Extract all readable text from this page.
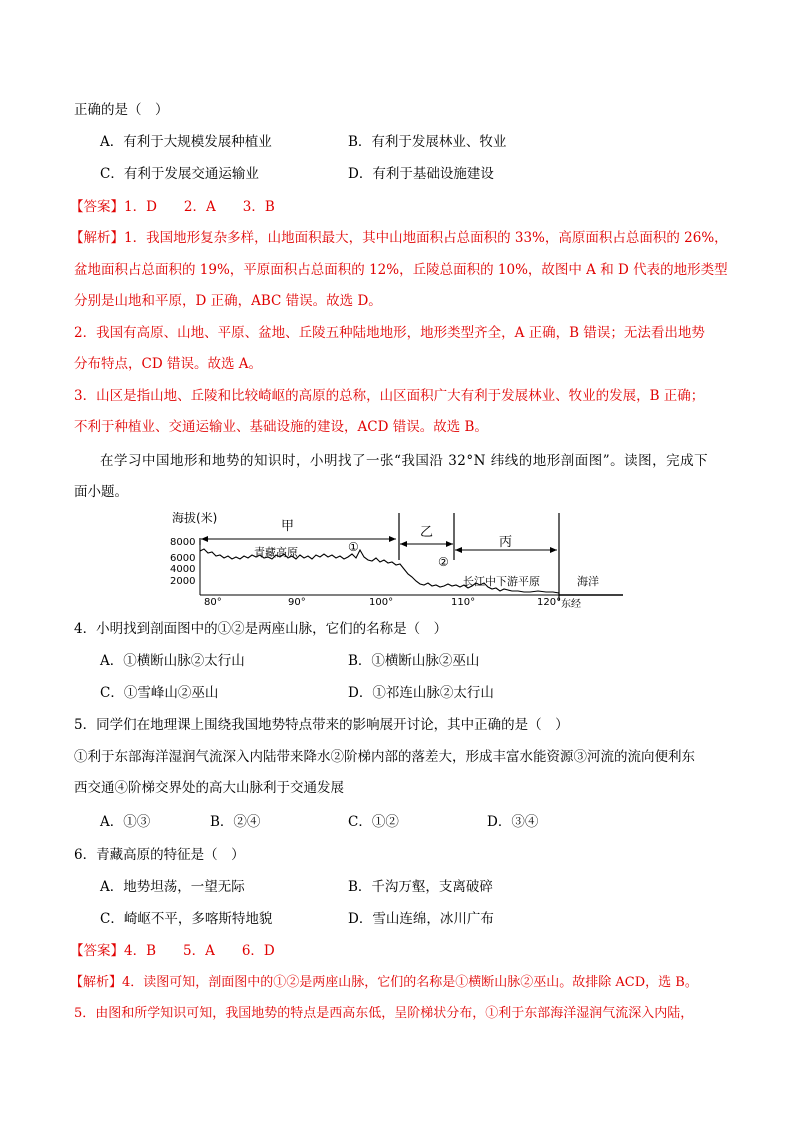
正确的是（　）
A．有利于大规模发展种植业	B．有利于发展林业、牧业
C．有利于发展交通运输业	D．有利于基础设施建设
【答案】1．D　　2．A　　3．B
【解析】1．我国地形复杂多样，山地面积最大，其中山地面积占总面积的 33%，高原面积占总面积的 26%，
盆地面积占总面积的 19%，平原面积占总面积的 12%，丘陵总面积的 10%，故图中 A 和 D 代表的地形类型
分别是山地和平原，D 正确，ABC 错误。故选 D。
2．我国有高原、山地、平原、盆地、丘陵五种陆地地形，地形类型齐全，A 正确，B 错误；无法看出地势
分布特点，CD 错误。故选 A。
3．山区是指山地、丘陵和比较崎岖的高原的总称，山区面积广大有利于发展林业、牧业的发展，B 正确；
不利于种植业、交通运输业、基础设施的建设，ACD 错误。故选 B。
在学习中国地形和地势的知识时，小明找了一张“我国沿 32°N 纬线的地形剖面图”。读图，完成下
面小题。
海拔(米)
8000
6000
4000
2000
甲	乙
丙
青藏高原	①
②
长江中下游平原	海洋
80°	90°	100°	110°	120° 东经
4．小明找到剖面图中的①②是两座山脉，它们的名称是（　）
A．①横断山脉②太行山	B．①横断山脉②巫山
C．①雪峰山②巫山	D．①祁连山脉②太行山
5．同学们在地理课上围绕我国地势特点带来的影响展开讨论，其中正确的是（　）
①利于东部海洋湿润气流深入内陆带来降水②阶梯内部的落差大，形成丰富水能资源③河流的流向便利东
西交通④阶梯交界处的高大山脉利于交通发展
A．①③	B．②④	C．①②	D．③④
6．青藏高原的特征是（　）
A．地势坦荡，一望无际	B．千沟万壑，支离破碎
C．崎岖不平，多喀斯特地貌	D．雪山连绵，冰川广布
【答案】4．B　　5．A　　6．D
【解析】4．读图可知，剖面图中的①②是两座山脉，它们的名称是①横断山脉②巫山。故排除 ACD，选 B。
5．由图和所学知识可知，我国地势的特点是西高东低，呈阶梯状分布，①利于东部海洋湿润气流深入内陆，
